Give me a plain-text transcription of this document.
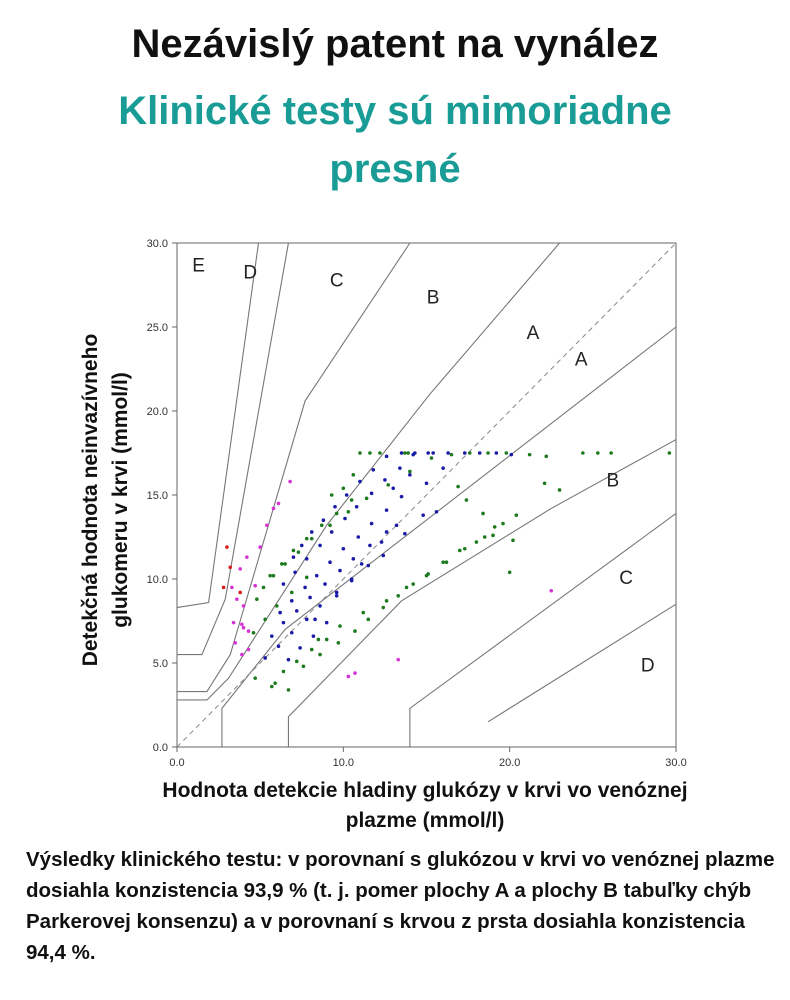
Nezávislý patent na vynález
Klinické testy sú mimoriadne presné
0.0	10.0	20.0	30.0
0.0
5.0
10.0
15.0
20.0
25.0
30.0
E D	C
B
A
A
B
C
D
Detekčná hodnota neinvazívneho glukomeru v krvi (mmol/l)
Hodnota detekcie hladiny glukózy v krvi vo venóznej plazme (mmol/l)
Výsledky klinického testu: v porovnaní s glukózou v krvi vo venóznej plazme dosiahla konzistencia 93,9 % (t. j. pomer plochy A a plochy B tabuľky chýb Parkerovej konsenzu) a v porovnaní s krvou z prsta dosiahla konzistencia 94,4 %.
